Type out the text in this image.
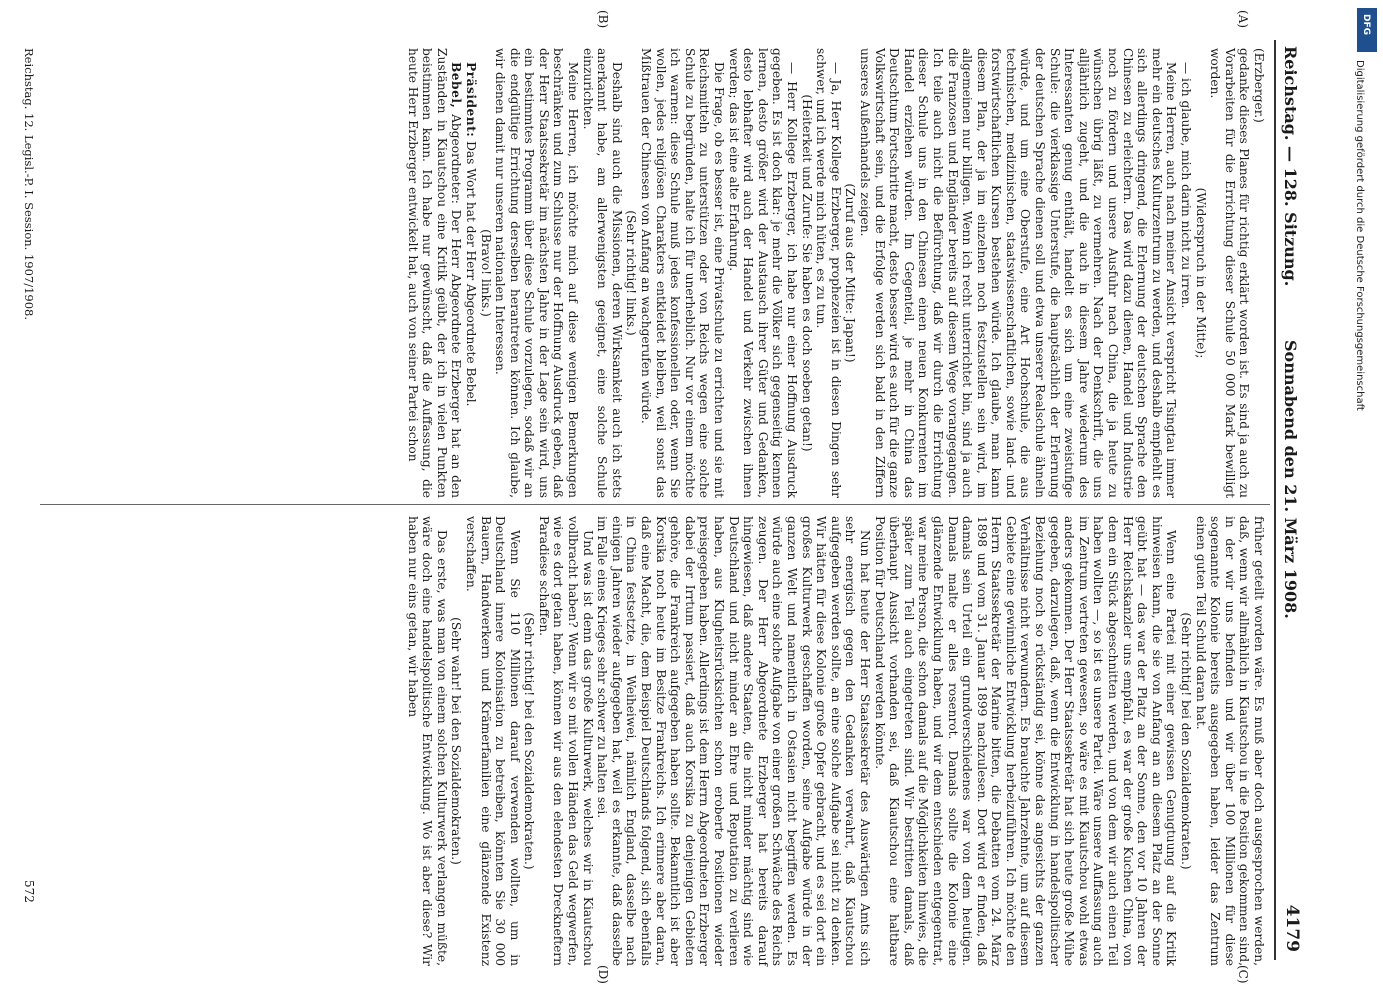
Reichstag. — 128. Sitzung.
Sonnabend den 21. März 1908.
4179
(A)
(B)
(C)
(D)

(Erzberger.)

gedanke dieses Planes für richtig erklärt worden ist. Es sind ja auch zu Vorarbeiten für die Errichtung dieser Schule 50 000 Mark bewilligt worden.

(Widerspruch in der Mitte);

— ich glaube, mich darin nicht zu irren.

Meine Herren, auch nach meiner Ansicht verspricht Tsingtau immer mehr ein deutsches Kulturzentrum zu werden, und deshalb empfiehlt es sich allerdings dringend, die Erlernung der deutschen Sprache den Chinesen zu erleichtern. Das wird dazu dienen, Handel und Industrie noch zu fördern und unsere Ausfuhr nach China, die ja heute zu wünschen übrig läßt, zu vermehren. Nach der Denkschrift, die uns alljährlich zugeht, und die auch in diesem Jahre wiederum des Interessanten genug enthält, handelt es sich um eine zweistufige Schule: die vierklassige Unterstufe, die hauptsächlich der Erlernung der deutschen Sprache dienen soll und etwa unserer Realschule ähneln würde, und um eine Oberstufe, eine Art Hochschule, die aus technischen, medizinischen, staatswissenschaftlichen, sowie land- und forstwirtschaftlichen Kursen bestehen würde. Ich glaube, man kann diesem Plan, der ja im einzelnen noch festzustellen sein wird, im allgemeinen nur billigen. Wenn ich recht unterrichtet bin, sind ja auch die Franzosen und Engländer bereits auf diesem Wege vorangegangen. Ich teile auch nicht die Befürchtung, daß wir durch die Errichtung dieser Schule uns in den Chinesen einen neuen Konkurrenten im Handel erziehen würden. Im Gegenteil, je mehr in China das Deutschtum Fortschritte macht, desto besser wird es auch für die ganze Volkswirtschaft sein, und die Erfolge werden sich bald in den Ziffern unseres Außenhandels zeigen.

(Zuruf aus der Mitte: Japan!)

— Ja, Herr Kollege Erzberger, prophezeien ist in diesen Dingen sehr schwer, und ich werde mich hüten, es zu tun.

(Heiterkeit und Zurufe: Sie haben es doch soeben getan!)

— Herr Kollege Erzberger, ich habe nur einer Hoffnung Ausdruck gegeben. Es ist doch klar: je mehr die Völker sich gegenseitig kennen lernen, desto größer wird der Austausch ihrer Güter und Gedanken, desto lebhafter wird auch der Handel und Verkehr zwischen ihnen werden; das ist eine alte Erfahrung.

Die Frage, ob es besser ist, eine Privatschule zu errichten und sie mit Reichsmitteln zu unterstützen oder von Reichs wegen eine solche Schule zu begründen, halte ich für unerheblich. Nur vor einem möchte ich warnen: diese Schule muß jedes konfessionellen oder, wenn Sie wollen, jedes religiösen Charakters entkleidet bleiben, weil sonst das Mißtrauen der Chinesen von Anfang an wachgerufen würde.

(Sehr richtig! links.)

Deshalb sind auch die Missionen, deren Wirksamkeit auch ich stets anerkannt habe, am allerwenigsten geeignet, eine solche Schule einzurichten.

Meine Herren, ich möchte mich auf diese wenigen Bemerkungen beschränken und zum Schlusse nur der Hoffnung Ausdruck geben, daß der Herr Staatssekretär im nächsten Jahre in der Lage sein wird, uns ein bestimmtes Programm über diese Schule vorzulegen, sodaß wir an die endgültige Errichtung derselben herantreten können. Ich glaube, wir dienen damit nur unseren nationalen Interessen.

(Bravo! links.)

Präsident: Das Wort hat der Herr Abgeordnete Bebel.

Bebel, Abgeordneter: Der Herr Abgeordnete Erzberger hat an den Zuständen in Kiautschou eine Kritik geübt, der ich in vielen Punkten beistimmen kann. Ich habe nur gewünscht, daß die Auffassung, die heute Herr Erzberger entwickelt hat, auch von seiner Partei schon

früher geteilt worden wäre. Es muß aber doch ausgesprochen werden, daß, wenn wir allmählich in Kiautschou in die Position gekommen sind, in der wir uns befinden und wir über 100 Millionen für diese sogenannte Kolonie bereits ausgegeben haben, leider das Zentrum einen guten Teil Schuld daran hat.

(Sehr richtig! bei den Sozialdemokraten.)

Wenn eine Partei mit einer gewissen Genugtuung auf die Kritik hinweisen kann, die sie von Anfang an an diesem Platz an der Sonne geübt hat — das war der Platz an der Sonne, den vor 10 Jahren der Herr Reichskanzler uns empfahl, es war der große Kuchen China, von dem ein Stück abgeschnitten werden, und von dem wir auch einen Teil haben wollten —, so ist es unsere Partei. Wäre unsere Auffassung auch im Zentrum vertreten gewesen, so wäre es mit Kiautschou wohl etwas anders gekommen. Der Herr Staatssekretär hat sich heute große Mühe gegeben, darzulegen, daß, wenn die Entwicklung in handelspolitischer Beziehung noch so rückständig sei, könne das angesichts der ganzen Verhältnisse nicht verwundern. Es brauchte Jahrzehnte, um auf diesem Gebiete eine gewinnliche Entwicklung herbeizuführen. Ich möchte den Herrn Staatssekretär der Marine bitten, die Debatten vom 24. März 1898 und vom 31. Januar 1899 nachzulesen. Dort wird er finden, daß damals sein Urteil ein grundverschiedenes war von dem heutigen. Damals malte er alles rosenrot. Damals sollte die Kolonie eine glänzende Entwicklung haben, und wir dem entschieden entgegentrat, war meine Person, die schon damals auf die Möglichkeiten hinwies, die später zum Teil auch eingetreten sind. Wir bestritten damals, daß überhaupt Aussicht vorhanden sei, daß Kiautschou eine haltbare Position für Deutschland werden könnte.

Nun hat heute der Herr Staatssekretär des Auswärtigen Amts sich sehr energisch gegen den Gedanken verwahrt, daß Kiautschou aufgegeben werden sollte, an eine solche Aufgabe sei nicht zu denken. Wir hätten für diese Kolonie große Opfer gebracht, und es sei dort ein großes Kulturwerk geschaffen worden, seine Aufgabe würde in der ganzen Welt und namentlich in Ostasien nicht begriffen werden. Es würde auch eine solche Aufgabe von einer großen Schwäche des Reichs zeugen. Der Herr Abgeordnete Erzberger hat bereits darauf hingewiesen, daß andere Staaten, die nicht minder mächtig sind wie Deutschland und nicht minder an Ehre und Reputation zu verlieren haben, aus Klugheitsrücksichten schon eroberte Positionen wieder preisgegeben haben. Allerdings ist dem Herrn Abgeordneten Erzberger dabei der Irrtum passiert, daß auch Korsika zu denjenigen Gebieten gehöre, die Frankreich aufgegeben haben sollte. Bekanntlich ist aber Korsika noch heute im Besitze Frankreichs. Ich erinnere aber daran, daß eine Macht, die, dem Beispiel Deutschlands folgend, sich ebenfalls in China festsetzte, in Weiheiwei, nämlich England, dasselbe nach einigen Jahren wieder aufgegeben hat, weil es erkannte, daß dasselbe im Falle eines Krieges sehr schwer zu halten sei.

Und was ist denn das große Kulturwerk, welches wir in Kiautschou vollbracht haben? Wenn wir so mit vollen Händen das Geld wegwerfen, wie es dort getan haben, können wir aus den elendesten Dreckneftern Paradiese schaffen.

(Sehr richtig! bei den Sozialdemokraten.)

Wenn Sie 110 Millionen darauf verwenden wollten, um in Deutschland innere Kolonisation zu betreiben, könnten Sie 30 000 Bauern, Handwerkern und Krämerfamilien eine glänzende Existenz verschaffen.

(Sehr wahr! bei den Sozialdemokraten.)

Das erste, was man von einem solchen Kulturwerk verlangen müßte, wäre doch eine handelspolitische Entwicklung. Wo ist aber diese? Wir haben nur eins getan, wir haben

Reichstag. 12. Legisl.-P. I. Session. 1907/1908.
572
DFG
Digitalisierung gefördert durch die Deutsche Forschungsgemeinschaft
